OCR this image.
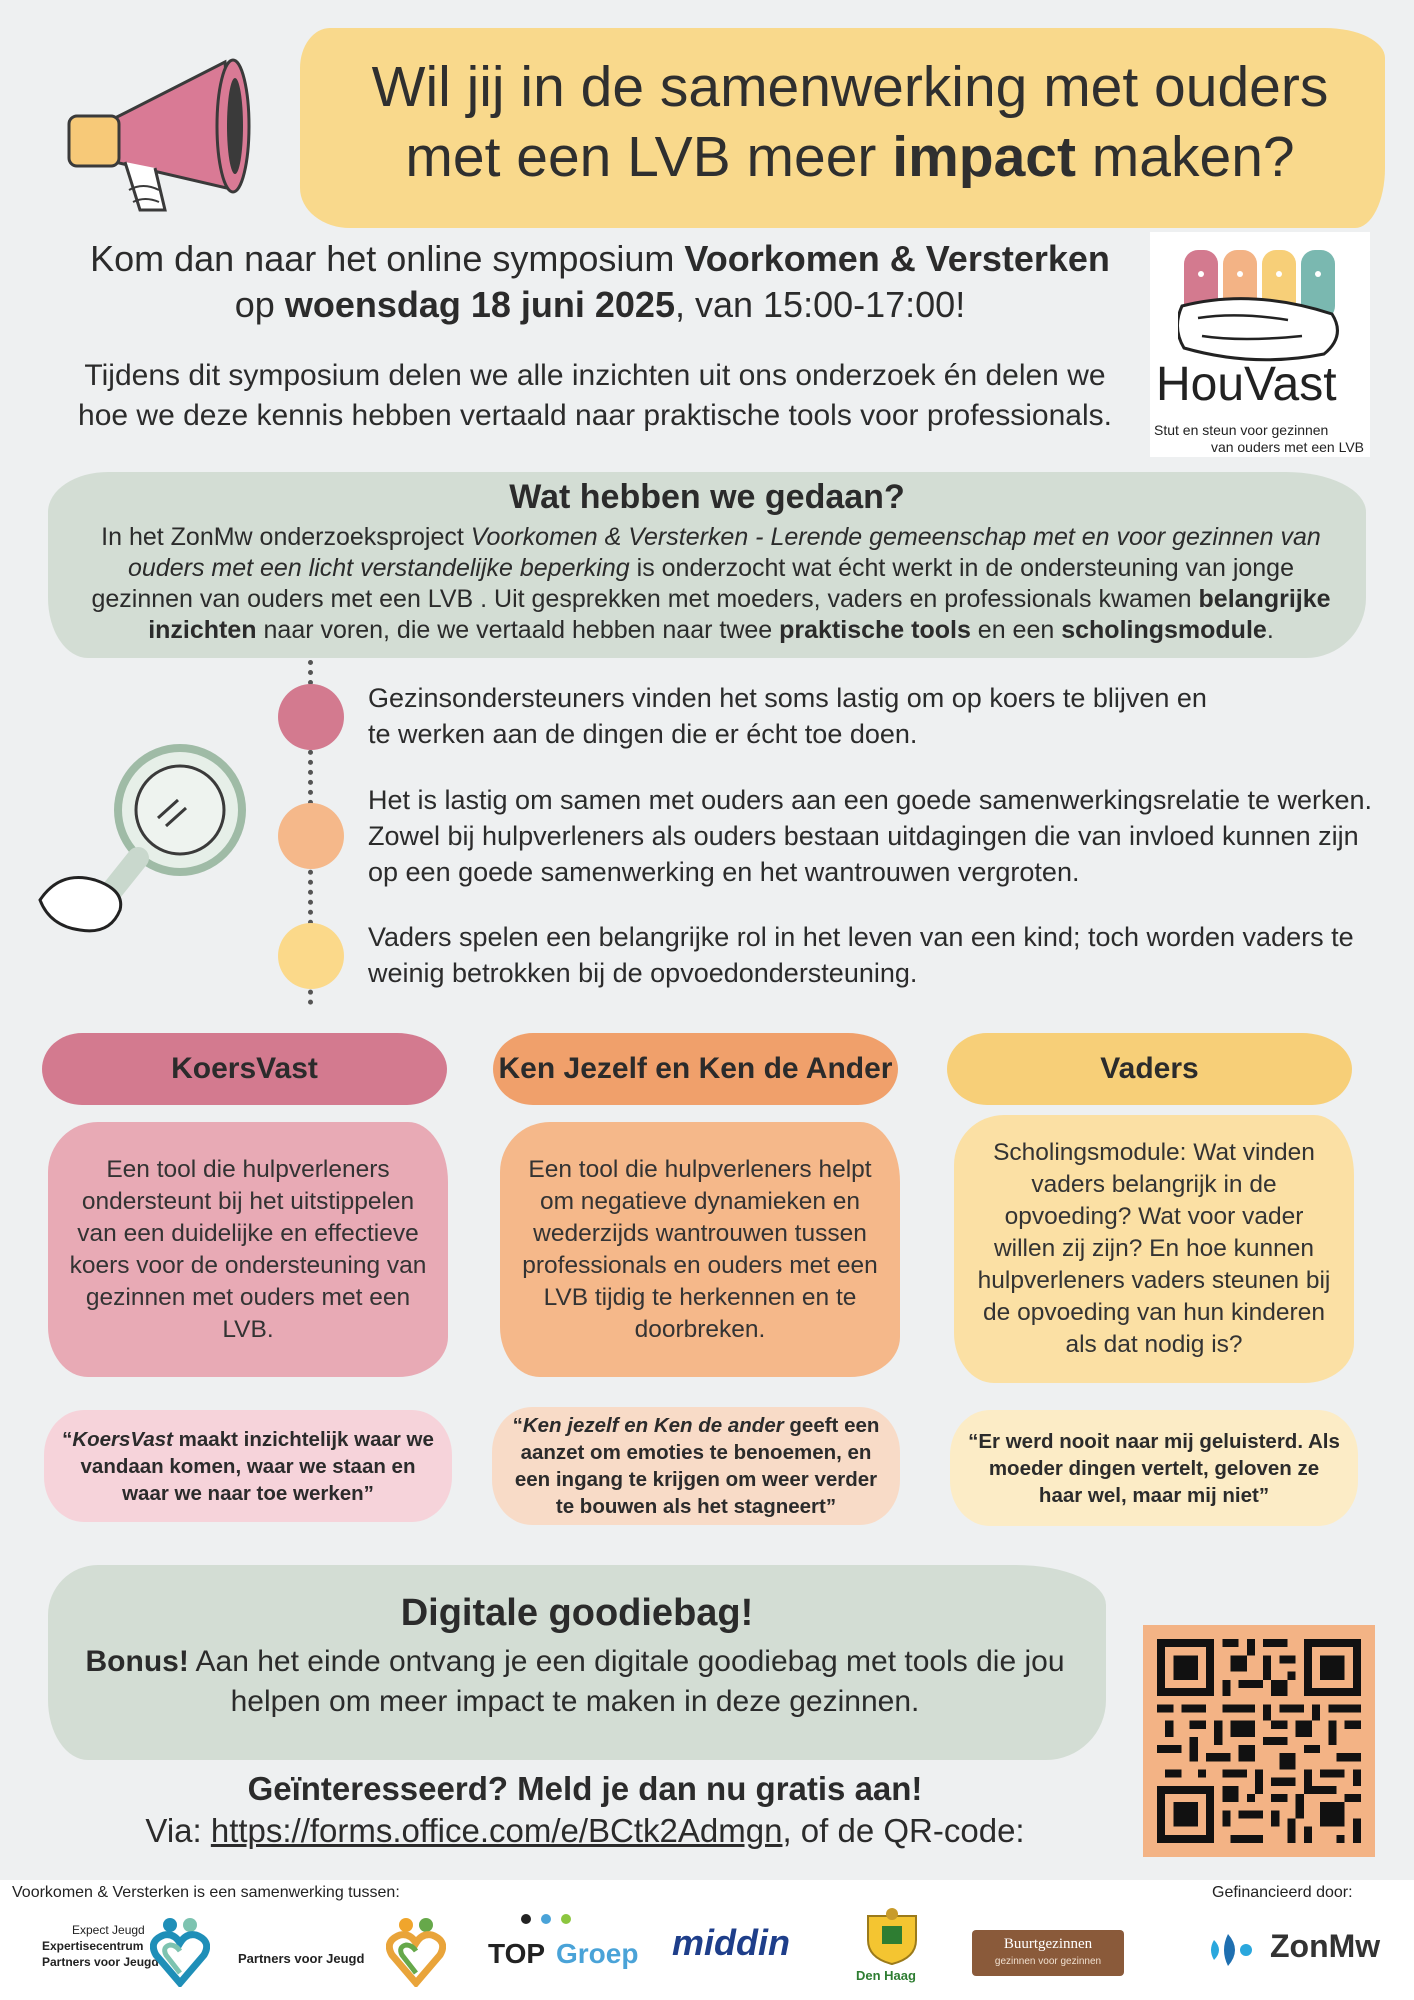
Wil jij in de samenwerking met ouders
met een LVB meer impact maken?
Kom dan naar het online symposium Voorkomen & Versterken
op woensdag 18 juni 2025, van 15:00-17:00!
Tijdens dit symposium delen we alle inzichten uit ons onderzoek én delen we hoe we deze kennis hebben vertaald naar praktische tools voor professionals.
HouVast
Stut en steun voor gezinnen
van ouders met een LVB
Wat hebben we gedaan?
In het ZonMw onderzoeksproject Voorkomen & Versterken - Lerende gemeenschap met en voor gezinnen van ouders met een licht verstandelijke beperking is onderzocht wat écht werkt in de ondersteuning van jonge gezinnen van ouders met een LVB . Uit gesprekken met moeders, vaders en professionals kwamen belangrijke inzichten naar voren, die we vertaald hebben naar twee praktische tools en een scholingsmodule.
Gezinsondersteuners vinden het soms lastig om op koers te blijven en te werken aan de dingen die er écht toe doen.
Het is lastig om samen met ouders aan een goede samenwerkingsrelatie te werken. Zowel bij hulpverleners als ouders bestaan uitdagingen die van invloed kunnen zijn op een goede samenwerking en het wantrouwen vergroten.
Vaders spelen een belangrijke rol in het leven van een kind; toch worden vaders te weinig betrokken bij de opvoedondersteuning.
KoersVast
Een tool die hulpverleners ondersteunt bij het uitstippelen van een duidelijke en effectieve koers voor de ondersteuning van gezinnen met ouders met een LVB.
“KoersVast maakt inzichtelijk waar we vandaan komen, waar we staan en waar we naar toe werken”
Ken Jezelf en Ken de Ander
Een tool die hulpverleners helpt om negatieve dynamieken en wederzijds wantrouwen tussen professionals en ouders met een LVB tijdig te herkennen en te doorbreken.
“Ken jezelf en Ken de ander geeft een aanzet om emoties te benoemen, en een ingang te krijgen om weer verder te bouwen als het stagneert”
Vaders
Scholingsmodule: Wat vinden vaders belangrijk in de opvoeding? Wat voor vader willen zij zijn? En hoe kunnen hulpverleners vaders steunen bij de opvoeding van hun kinderen als dat nodig is?
“Er werd nooit naar mij geluisterd. Als moeder dingen vertelt, geloven ze haar wel, maar mij niet”
Digitale goodiebag!
Bonus! Aan het einde ontvang je een digitale goodiebag met tools die jou helpen om meer impact te maken in deze gezinnen.
Geïnteresseerd? Meld je dan nu gratis aan!
Via: https://forms.office.com/e/BCtk2Admgn, of de QR-code:
Voorkomen & Versterken is een samenwerking tussen:	Gefinancieerd door:
Expect Jeugd
Expertisecentrum
Partners voor Jeugd	Partners voor Jeugd	TOP Groep middin
Den Haag
Buurtgezinnen
gezinnen voor gezinnen	ZonMw
